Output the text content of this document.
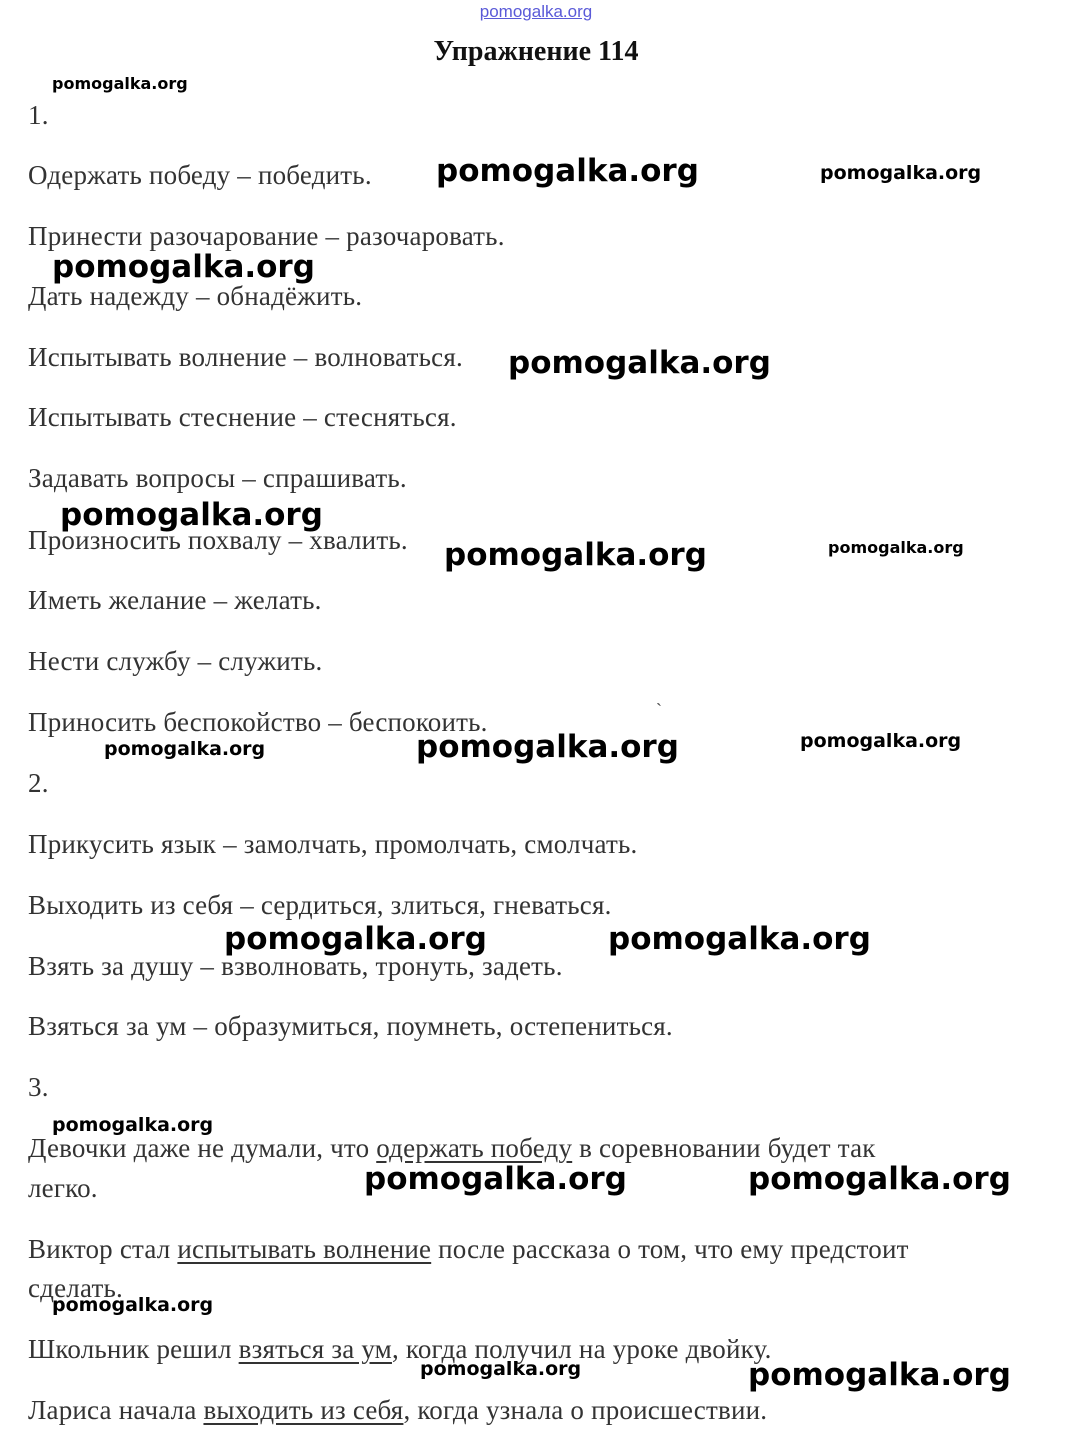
pomogalka.org
Упражнение 114
1.
Одержать победу – победить.
Принести разочарование – разочаровать.
Дать надежду – обнадёжить.
Испытывать волнение – волноваться.
Испытывать стеснение – стесняться.
Задавать вопросы – спрашивать.
Произносить похвалу – хвалить.
Иметь желание – желать.
Нести службу – служить.
Приносить беспокойство – беспокоить.
2.
Прикусить язык – замолчать, промолчать, смолчать.
Выходить из себя – сердиться, злиться, гневаться.
Взять за душу – взволновать, тронуть, задеть.
Взяться за ум – образумиться, поумнеть, остепениться.
3.
Девочки даже не думали, что одержать победу в соревновании будет так
легко.
Виктор стал испытывать волнение после рассказа о том, что ему предстоит
сделать.
Школьник решил взяться за ум, когда получил на уроке двойку.
Лариса начала выходить из себя, когда узнала о происшествии.
`
pomogalka.org
pomogalka.org	pomogalka.org
pomogalka.org
pomogalka.org
pomogalka.org
pomogalka.org	pomogalka.org
pomogalka.org	pomogalka.org	pomogalka.org
pomogalka.org	pomogalka.org
pomogalka.org
pomogalka.org	pomogalka.org
pomogalka.org
pomogalka.org	pomogalka.org
